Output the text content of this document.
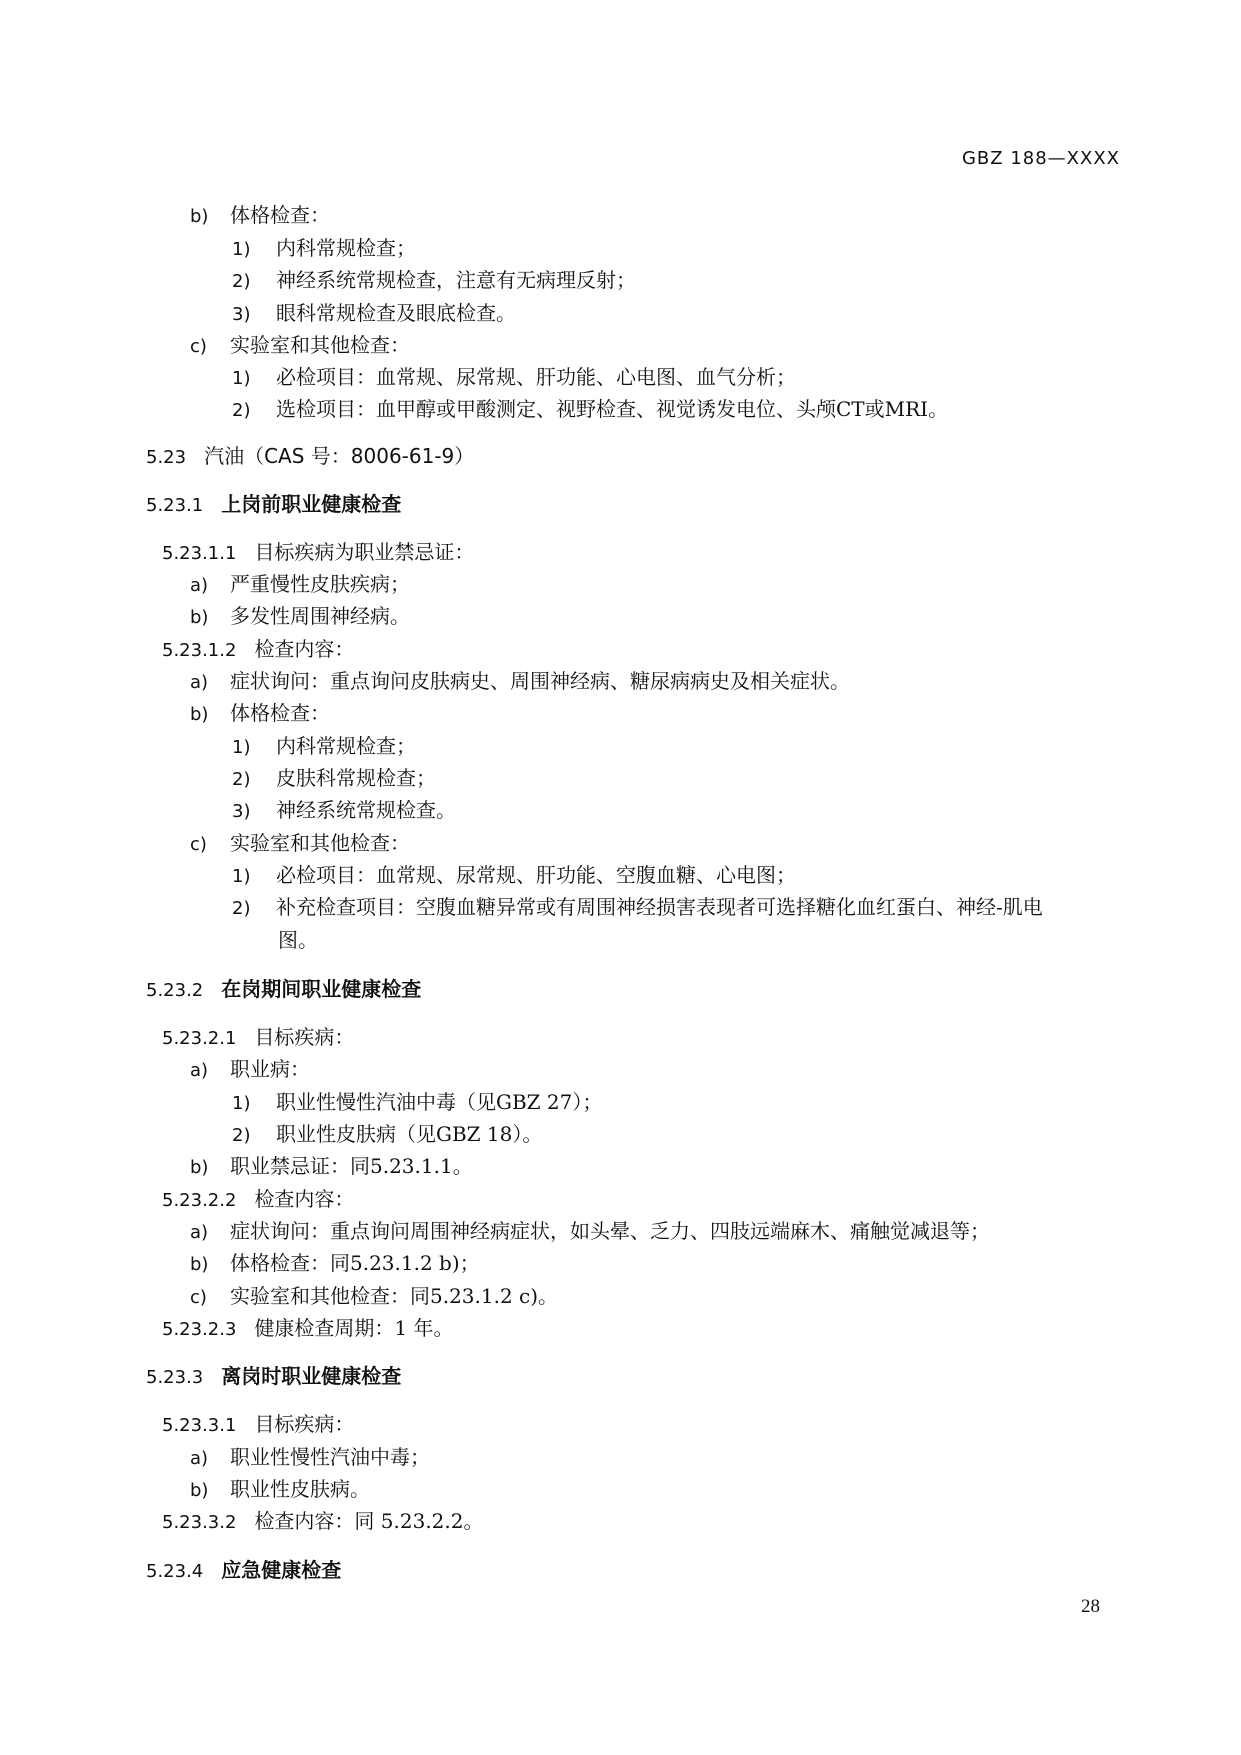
GBZ 188—XXXX
b) 体格检查：
1) 内科常规检查；
2) 神经系统常规检查，注意有无病理反射；
3) 眼科常规检查及眼底检查。
c) 实验室和其他检查：
1) 必检项目：血常规、尿常规、肝功能、心电图、血气分析；
2) 选检项目：血甲醇或甲酸测定、视野检查、视觉诱发电位、头颅CT或MRI。
5.23 汽油（CAS 号：8006-61-9）
5.23.1 上岗前职业健康检查
5.23.1.1 目标疾病为职业禁忌证：
a) 严重慢性皮肤疾病；
b) 多发性周围神经病。
5.23.1.2 检查内容：
a) 症状询问：重点询问皮肤病史、周围神经病、糖尿病病史及相关症状。
b) 体格检查：
1) 内科常规检查；
2) 皮肤科常规检查；
3) 神经系统常规检查。
c) 实验室和其他检查：
1) 必检项目：血常规、尿常规、肝功能、空腹血糖、心电图；
2) 补充检查项目：空腹血糖异常或有周围神经损害表现者可选择糖化血红蛋白、神经-肌电
图。
5.23.2 在岗期间职业健康检查
5.23.2.1 目标疾病：
a) 职业病：
1) 职业性慢性汽油中毒（见GBZ 27）；
2) 职业性皮肤病（见GBZ 18）。
b) 职业禁忌证：同5.23.1.1。
5.23.2.2 检查内容：
a) 症状询问：重点询问周围神经病症状，如头晕、乏力、四肢远端麻木、痛触觉减退等；
b) 体格检查：同5.23.1.2 b)；
c) 实验室和其他检查：同5.23.1.2 c)。
5.23.2.3 健康检查周期：1 年。
5.23.3 离岗时职业健康检查
5.23.3.1 目标疾病：
a) 职业性慢性汽油中毒；
b) 职业性皮肤病。
5.23.3.2 检查内容：同 5.23.2.2。
5.23.4 应急健康检查
28
